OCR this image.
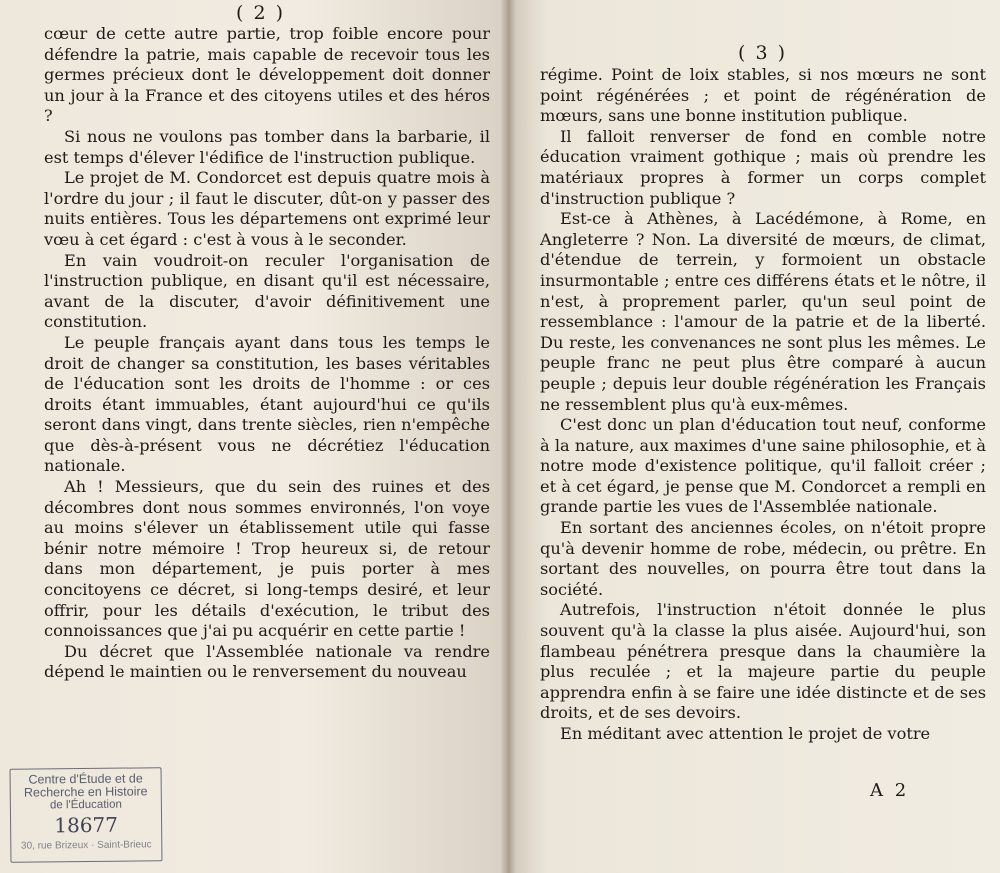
( 2 )

cœur de cette autre partie, trop foible encore pour défendre la patrie, mais capable de recevoir tous les germes précieux dont le développement doit donner un jour à la France et des citoyens utiles et des héros ?

Si nous ne voulons pas tomber dans la barbarie, il est temps d'élever l'édifice de l'instruction publique.

Le projet de M. Condorcet est depuis quatre mois à l'ordre du jour ; il faut le discuter, dût-on y passer des nuits entières. Tous les départemens ont exprimé leur vœu à cet égard : c'est à vous à le seconder.

En vain voudroit-on reculer l'organisation de l'instruction publique, en disant qu'il est nécessaire, avant de la discuter, d'avoir définitivement une constitution.

Le peuple français ayant dans tous les temps le droit de changer sa constitution, les bases véritables de l'éducation sont les droits de l'homme : or ces droits étant immuables, étant aujourd'hui ce qu'ils seront dans vingt, dans trente siècles, rien n'empêche que dès-à-présent vous ne décrétiez l'éducation nationale.

Ah ! Messieurs, que du sein des ruines et des décombres dont nous sommes environnés, l'on voye au moins s'élever un établissement utile qui fasse bénir notre mémoire ! Trop heureux si, de retour dans mon département, je puis porter à mes concitoyens ce décret, si long-temps desiré, et leur offrir, pour les détails d'exécution, le tribut des connoissances que j'ai pu acquérir en cette partie !

Du décret que l'Assemblée nationale va rendre dépend le maintien ou le renversement du nouveau

Centre d'Étude et de
Recherche en Histoire
de l'Éducation
18677
30, rue Brizeux · Saint-Brieuc
( 3 )

régime. Point de loix stables, si nos mœurs ne sont point régénérées ; et point de régénération de mœurs, sans une bonne institution publique.

Il falloit renverser de fond en comble notre éducation vraiment gothique ; mais où prendre les matériaux propres à former un corps complet d'instruction publique ?

Est-ce à Athènes, à Lacédémone, à Rome, en Angleterre ? Non. La diversité de mœurs, de climat, d'étendue de terrein, y formoient un obstacle insurmontable ; entre ces différens états et le nôtre, il n'est, à proprement parler, qu'un seul point de ressemblance : l'amour de la patrie et de la liberté. Du reste, les convenances ne sont plus les mêmes. Le peuple franc ne peut plus être comparé à aucun peuple ; depuis leur double régénération les Français ne ressemblent plus qu'à eux-mêmes.

C'est donc un plan d'éducation tout neuf, conforme à la nature, aux maximes d'une saine philosophie, et à notre mode d'existence politique, qu'il falloit créer ; et à cet égard, je pense que M. Condorcet a rempli en grande partie les vues de l'Assemblée nationale.

En sortant des anciennes écoles, on n'étoit propre qu'à devenir homme de robe, médecin, ou prêtre. En sortant des nouvelles, on pourra être tout dans la société.

Autrefois, l'instruction n'étoit donnée le plus souvent qu'à la classe la plus aisée. Aujourd'hui, son flambeau pénétrera presque dans la chaumière la plus reculée ; et la majeure partie du peuple apprendra enfin à se faire une idée distincte et de ses droits, et de ses devoirs.

En méditant avec attention le projet de votre

A 2
